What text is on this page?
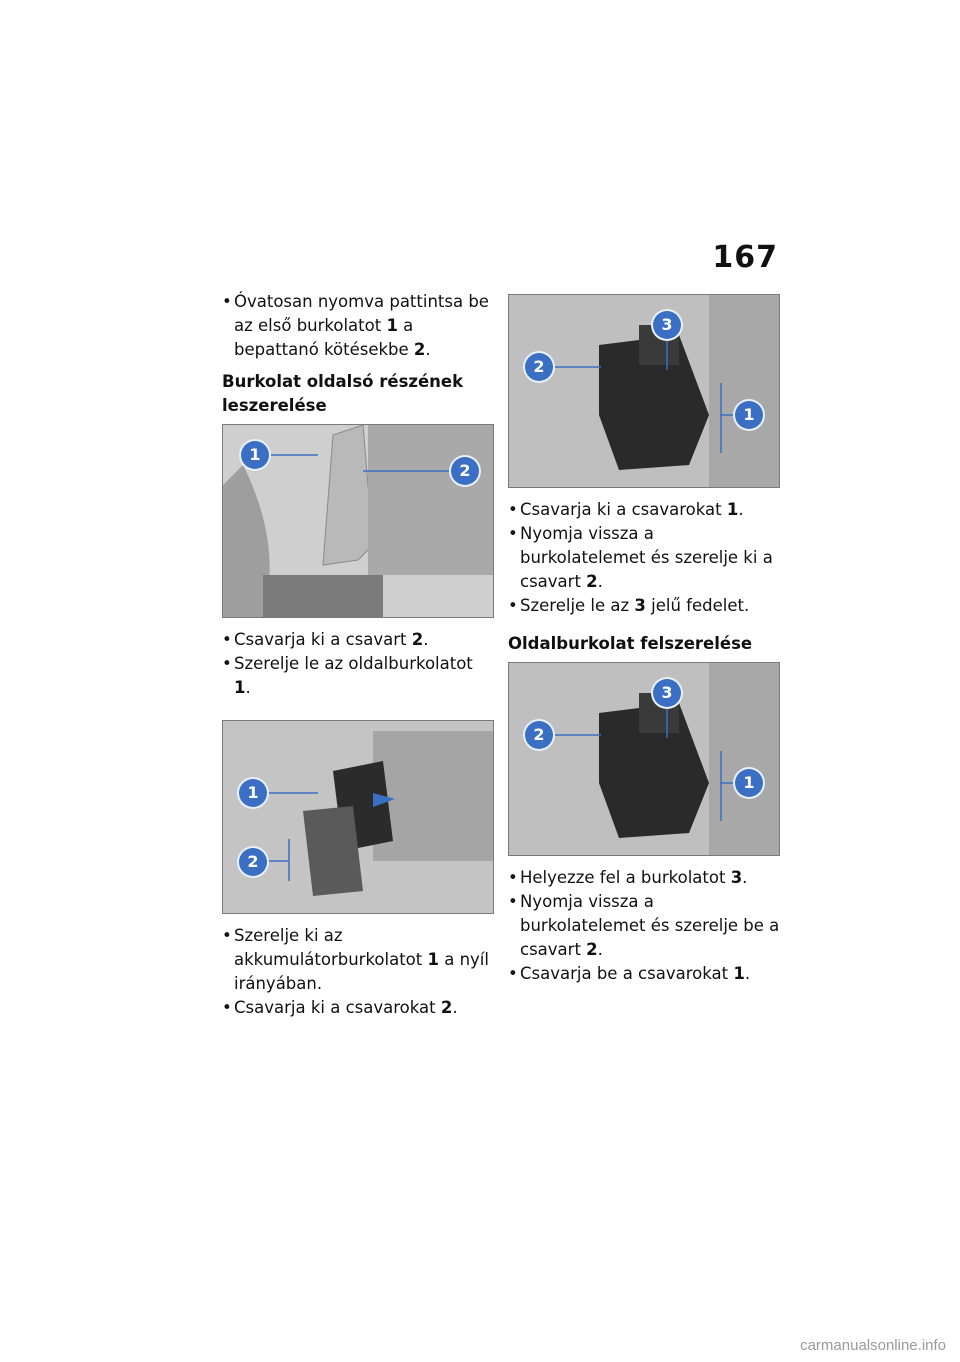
167

• Óvatosan nyomva pattintsa be az első burkolatot 1 a bepattanó kötésekbe 2.

Burkolat oldalsó részének leszerelése
1
2

• Csavarja ki a csavart 2.

• Szerelje le az oldalburkolatot 1.

1
2

• Szerelje ki az akkumulátorburkolatot 1 a nyíl irányában.

• Csavarja ki a csavarokat 2.

3
2
1

• Csavarja ki a csavarokat 1.

• Nyomja vissza a burkolatelemet és szerelje ki a csavart 2.

• Szerelje le az 3 jelű fedelet.

Oldalburkolat felszerelése
3
2
1

• Helyezze fel a burkolatot 3.

• Nyomja vissza a burkolatelemet és szerelje be a csavart 2.

• Csavarja be a csavarokat 1.

carmanualsonline.info
